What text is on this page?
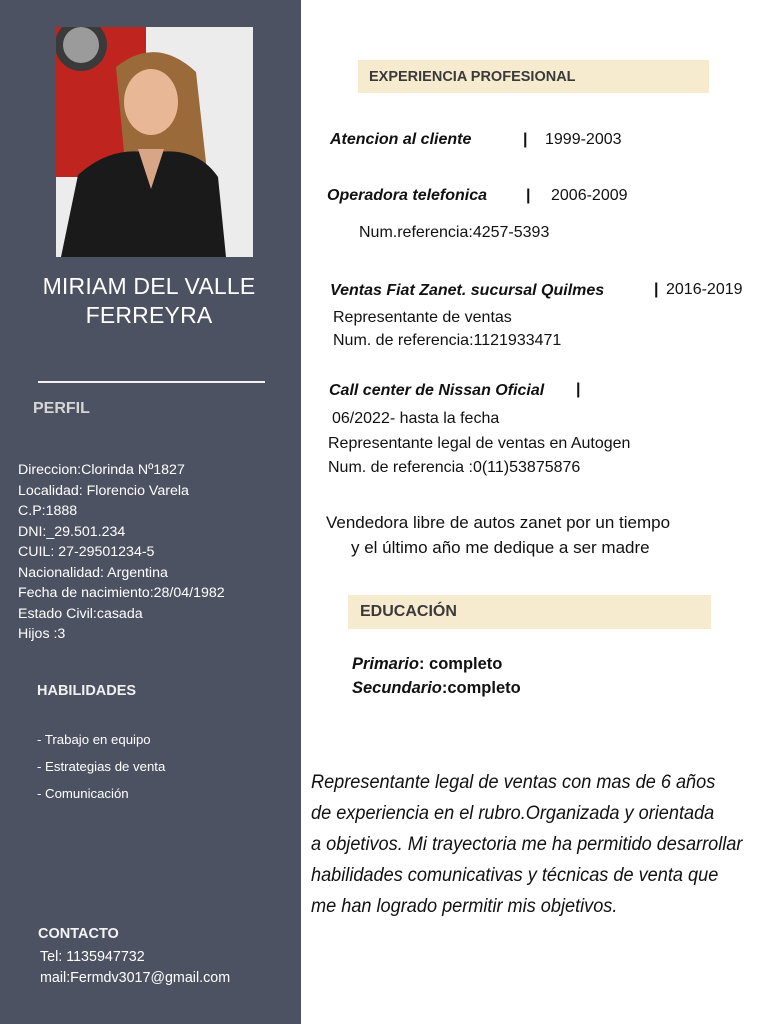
MIRIAM DEL VALLE
FERREYRA
PERFIL
Direccion:Clorinda Nº1827
Localidad: Florencio Varela
C.P:1888
DNI:_29.501.234
CUIL: 27-29501234-5
Nacionalidad: Argentina
Fecha de nacimiento:28/04/1982
Estado Civil:casada
Hijos :3
HABILIDADES
- Trabajo en equipo
- Estrategias de venta
- Comunicación
CONTACTO
Tel: 1135947732
mail:Fermdv3017@gmail.com
EXPERIENCIA PROFESIONAL
Atencion al cliente	| 1999-2003
Operadora telefonica | 2006-2009
Num.referencia:4257-5393
Ventas Fiat Zanet. sucursal Quilmes	| 2016-2019
Representante de ventas
Num. de referencia:1121933471
Call center de Nissan Oficial |
06/2022- hasta la fecha
Representante legal de ventas en Autogen
Num. de referencia :0(11)53875876
Vendedora libre de autos zanet por un tiempo
y el último año me dedique a ser madre
EDUCACIÓN
Primario: completo
Secundario:completo
Representante legal de ventas con mas de 6 años
de experiencia en el rubro.Organizada y orientada
a objetivos. Mi trayectoria me ha permitido desarrollar
habilidades comunicativas y técnicas de venta que
me han logrado permitir mis objetivos.
